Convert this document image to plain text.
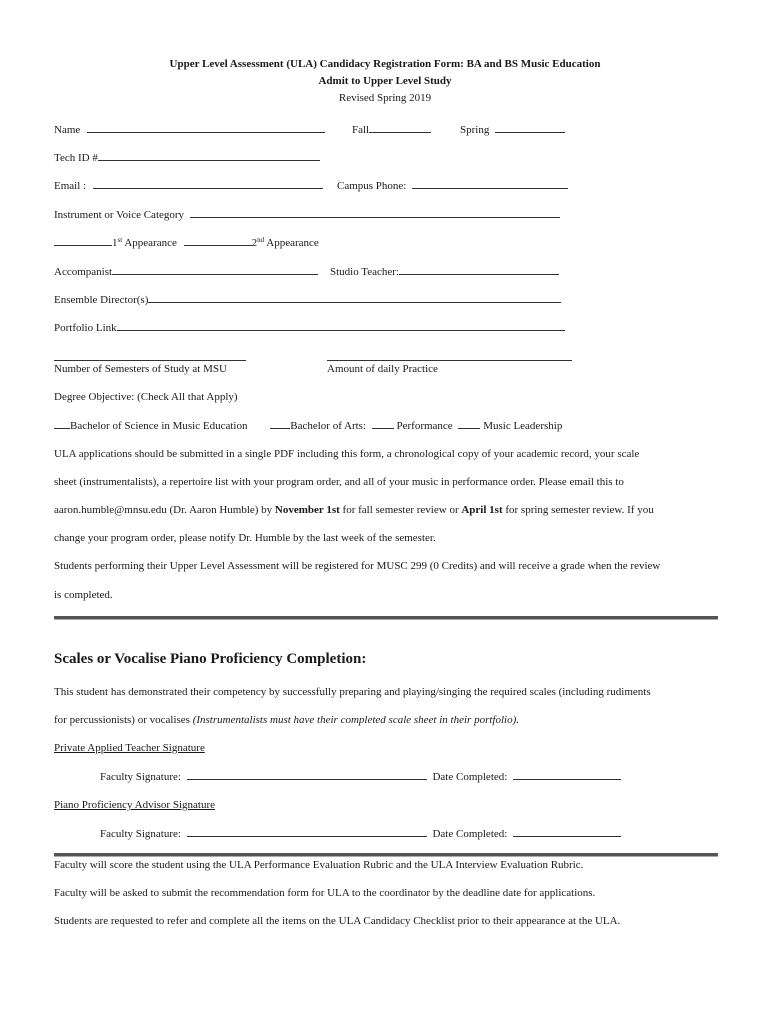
Upper Level Assessment (ULA) Candidacy Registration Form: BA and BS Music Education
Admit to Upper Level Study
Revised Spring 2019
Name	Fall	Spring
Tech ID #
Email :	Campus Phone:
Instrument or Voice Category
1st Appearance	2nd Appearance
Accompanist	Studio Teacher:
Ensemble Director(s)
Portfolio Link
Number of Semesters of Study at MSU	Amount of daily Practice
Degree Objective: (Check All that Apply)
Bachelor of Science in Music Education	Bachelor of Arts:	Performance	Music Leadership
ULA applications should be submitted in a single PDF including this form, a chronological copy of your academic record, your scale
sheet (instrumentalists), a repertoire list with your program order, and all of your music in performance order. Please email this to
aaron.humble@mnsu.edu (Dr. Aaron Humble) by November 1st for fall semester review or April 1st for spring semester review. If you
change your program order, please notify Dr. Humble by the last week of the semester.
Students performing their Upper Level Assessment will be registered for MUSC 299 (0 Credits) and will receive a grade when the review
is completed.
Scales or Vocalise Piano Proficiency Completion:
This student has demonstrated their competency by successfully preparing and playing/singing the required scales (including rudiments
for percussionists) or vocalises (Instrumentalists must have their completed scale sheet in their portfolio).
Private Applied Teacher Signature
Faculty Signature:	Date Completed:
Piano Proficiency Advisor Signature
Faculty Signature:	Date Completed:
Faculty will score the student using the ULA Performance Evaluation Rubric and the ULA Interview Evaluation Rubric.
Faculty will be asked to submit the recommendation form for ULA to the coordinator by the deadline date for applications.
Students are requested to refer and complete all the items on the ULA Candidacy Checklist prior to their appearance at the ULA.
